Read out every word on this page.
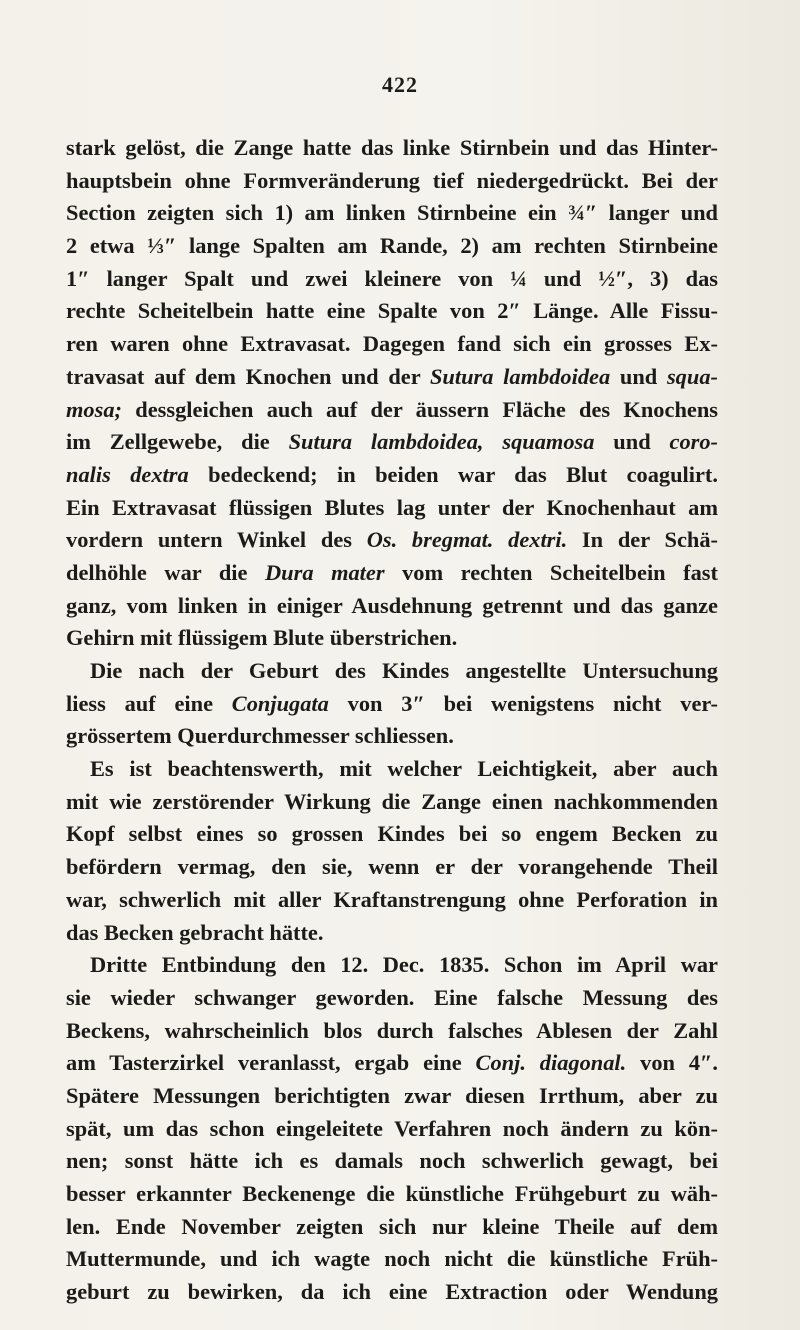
422
stark gelöst, die Zange hatte das linke Stirnbein und das Hinter-
hauptsbein ohne Formveränderung tief niedergedrückt. Bei der
Section zeigten sich 1) am linken Stirnbeine ein ¾″ langer und
2 etwa ⅓″ lange Spalten am Rande, 2) am rechten Stirnbeine
1″ langer Spalt und zwei kleinere von ¼ und ½″, 3) das
rechte Scheitelbein hatte eine Spalte von 2″ Länge. Alle Fissu-
ren waren ohne Extravasat. Dagegen fand sich ein grosses Ex-
travasat auf dem Knochen und der Sutura lambdoidea und squa-
mosa; dessgleichen auch auf der äussern Fläche des Knochens
im Zellgewebe, die Sutura lambdoidea, squamosa und coro-
nalis dextra bedeckend; in beiden war das Blut coagulirt.
Ein Extravasat flüssigen Blutes lag unter der Knochenhaut am
vordern untern Winkel des Os. bregmat. dextri. In der Schä-
delhöhle war die Dura mater vom rechten Scheitelbein fast
ganz, vom linken in einiger Ausdehnung getrennt und das ganze
Gehirn mit flüssigem Blute überstrichen.
Die nach der Geburt des Kindes angestellte Untersuchung
liess auf eine Conjugata von 3″ bei wenigstens nicht ver-
grössertem Querdurchmesser schliessen.
Es ist beachtenswerth, mit welcher Leichtigkeit, aber auch
mit wie zerstörender Wirkung die Zange einen nachkommenden
Kopf selbst eines so grossen Kindes bei so engem Becken zu
befördern vermag, den sie, wenn er der vorangehende Theil
war, schwerlich mit aller Kraftanstrengung ohne Perforation in
das Becken gebracht hätte.
Dritte Entbindung den 12. Dec. 1835. Schon im April war
sie wieder schwanger geworden. Eine falsche Messung des
Beckens, wahrscheinlich blos durch falsches Ablesen der Zahl
am Tasterzirkel veranlasst, ergab eine Conj. diagonal. von 4″.
Spätere Messungen berichtigten zwar diesen Irrthum, aber zu
spät, um das schon eingeleitete Verfahren noch ändern zu kön-
nen; sonst hätte ich es damals noch schwerlich gewagt, bei
besser erkannter Beckenenge die künstliche Frühgeburt zu wäh-
len. Ende November zeigten sich nur kleine Theile auf dem
Muttermunde, und ich wagte noch nicht die künstliche Früh-
geburt zu bewirken, da ich eine Extraction oder Wendung
